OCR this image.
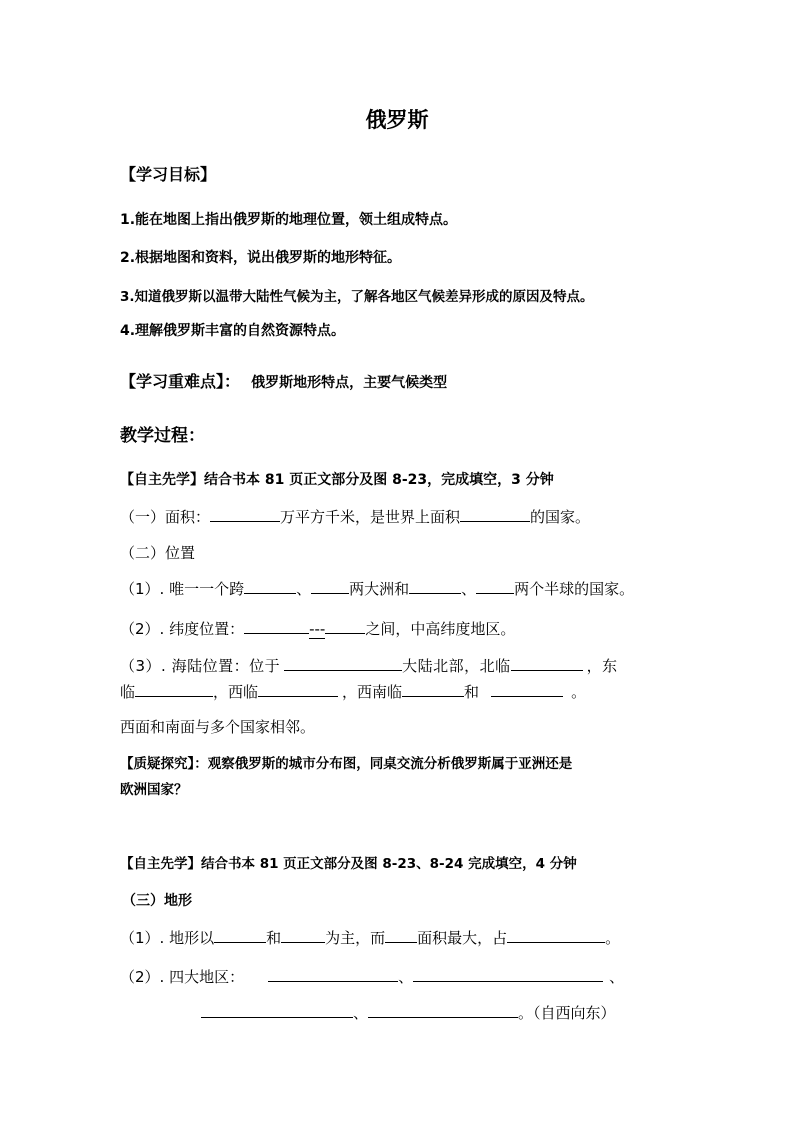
俄罗斯
【学习目标】
1.能在地图上指出俄罗斯的地理位置，领土组成特点。
2.根据地图和资料，说出俄罗斯的地形特征。
3.知道俄罗斯以温带大陆性气候为主，了解各地区气候差异形成的原因及特点。
4.理解俄罗斯丰富的自然资源特点。
【学习重难点】： 俄罗斯地形特点，主要气候类型
教学过程：
【自主先学】结合书本 81 页正文部分及图 8-23，完成填空，3 分钟
（一）面积：	万平方千米，是世界上面积	的国家。
（二）位置
（1）. 唯一一个跨	、	两大洲和	、	两个半球的国家。
（2）. 纬度位置：	---	之间，中高纬度地区。
（3）. 海陆位置：位于	大陆北部，北临	，东
临	，西临	，西南临	和	。
西面和南面与多个国家相邻。
【质疑探究】：观察俄罗斯的城市分布图，同桌交流分析俄罗斯属于亚洲还是
欧洲国家？
【自主先学】结合书本 81 页正文部分及图 8-23、8-24 完成填空，4 分钟
（三）地形
（1）. 地形以	和	为主，而 面积最大，占	。
（2）. 四大地区：	、	、
、	。（自西向东）
